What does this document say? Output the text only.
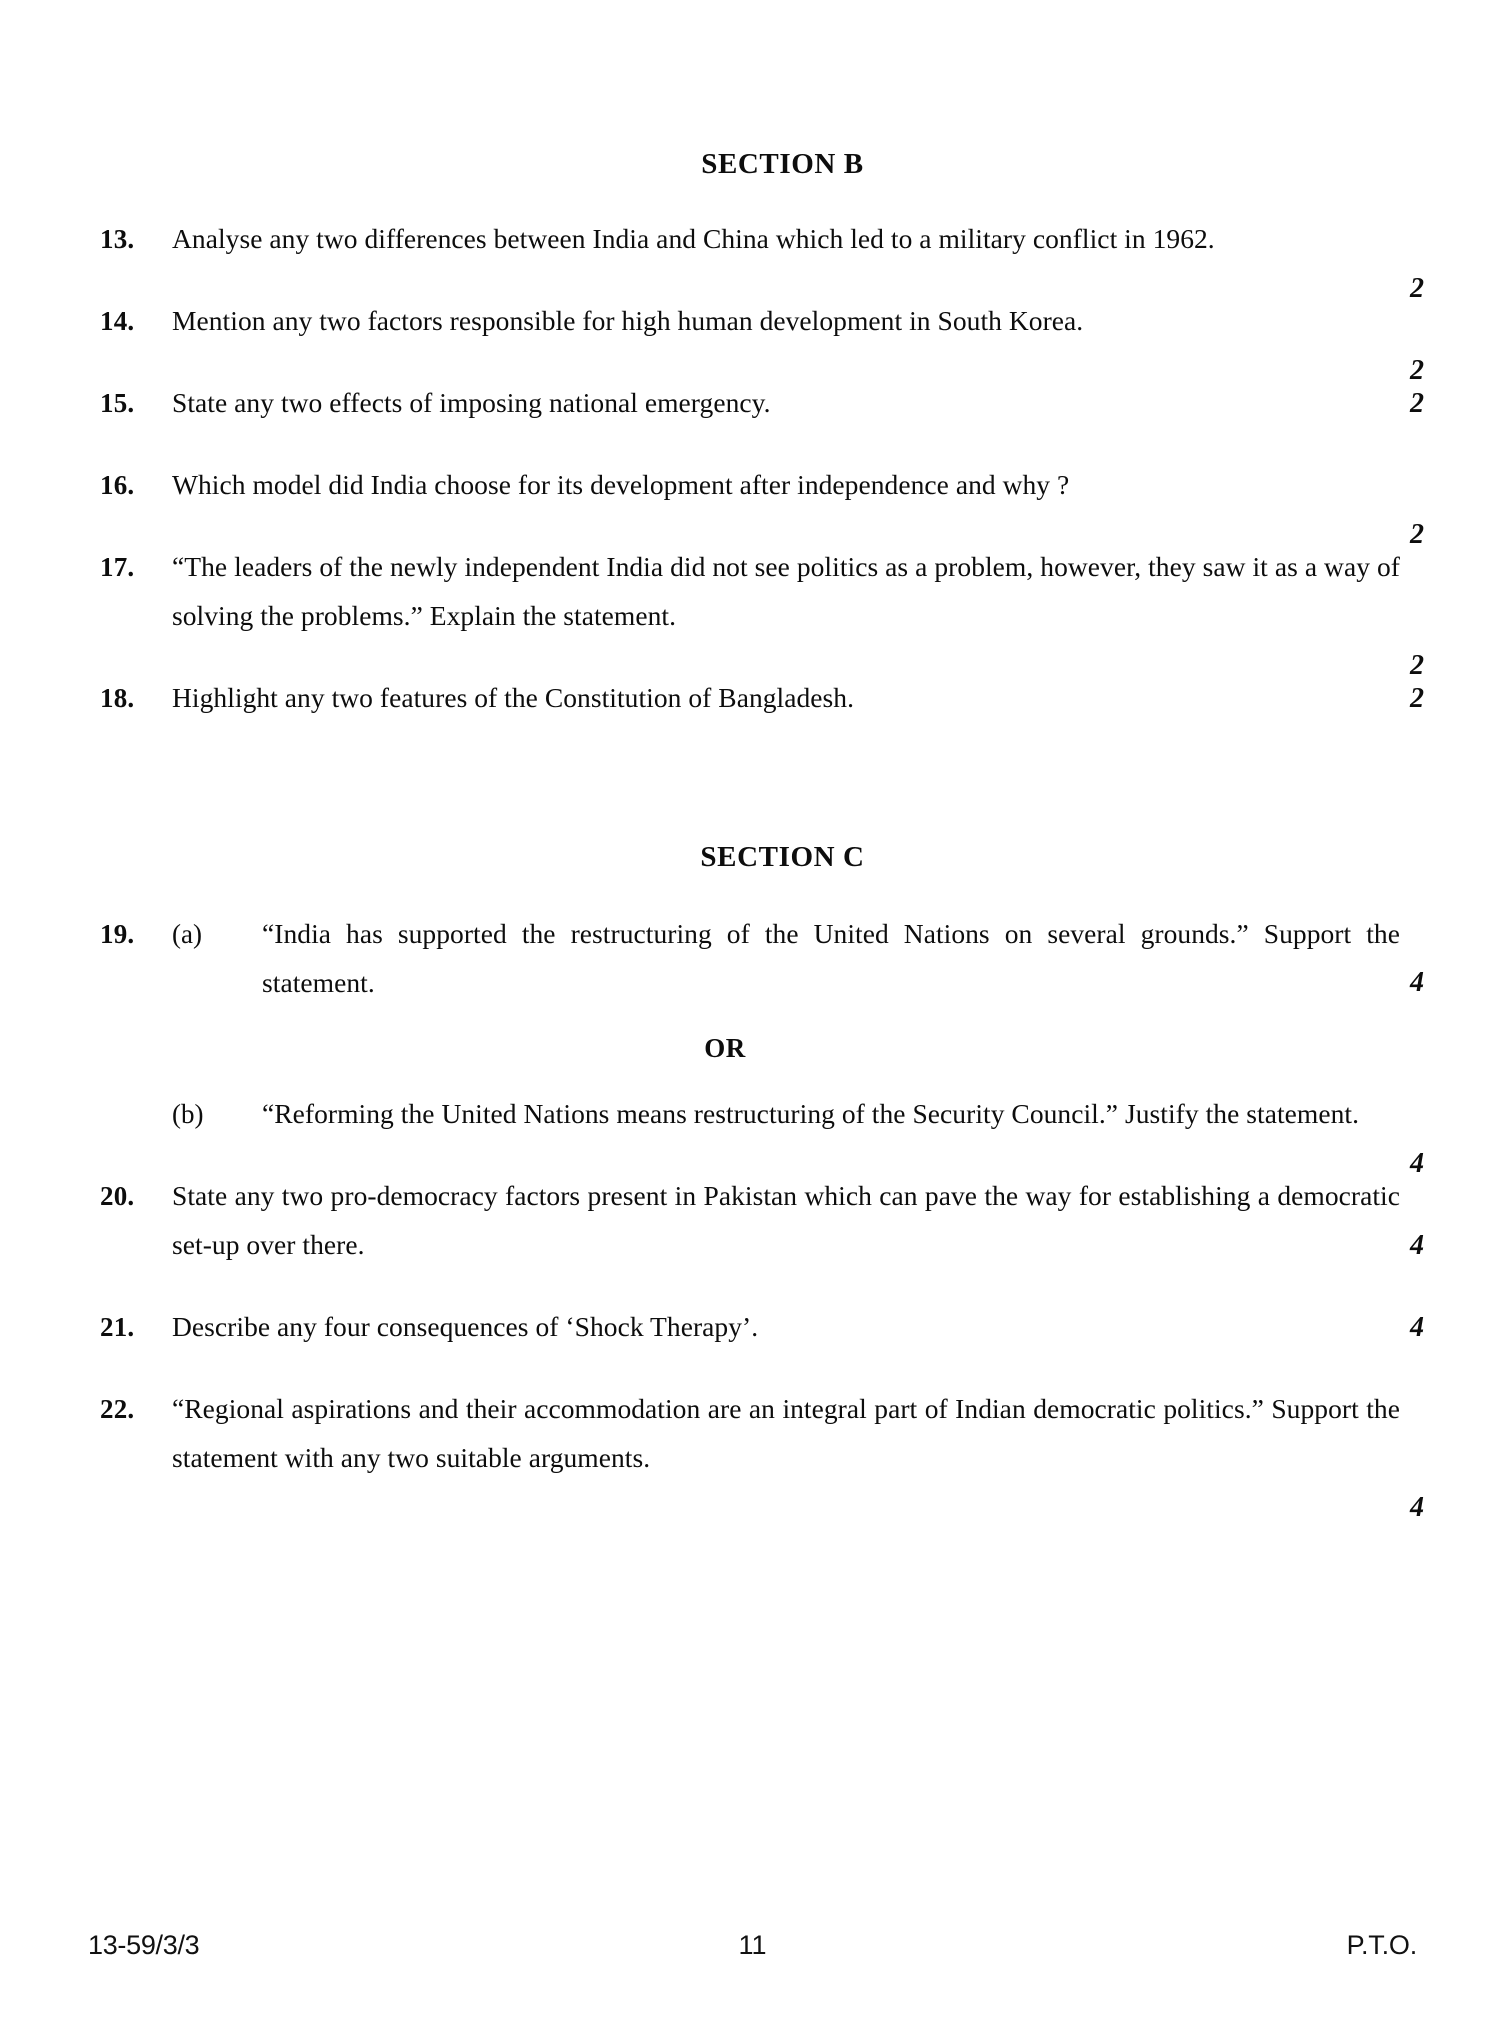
SECTION B
13.	Analyse any two differences between India and China which led to a military conflict in 1962.
2
14.	Mention any two factors responsible for high human development in South Korea.
2
15.	State any two effects of imposing national emergency.	2
16.	Which model did India choose for its development after independence and why ?
2
17.	“The leaders of the newly independent India did not see politics as a problem, however, they saw it as a way of solving the problems.” Explain the statement.
2
18.	Highlight any two features of the Constitution of Bangladesh.	2
SECTION C
19.	(a)	“India has supported the restructuring of the United Nations on several grounds.” Support the statement.	4
OR
(b)	“Reforming the United Nations means restructuring of the Security Council.” Justify the statement.
4
20.	State any two pro-democracy factors present in Pakistan which can pave the way for establishing a democratic set-up over there.	4
21.	Describe any four consequences of ‘Shock Therapy’.	4
22.	“Regional aspirations and their accommodation are an integral part of Indian democratic politics.” Support the statement with any two suitable arguments.
4
13-59/3/3	11	P.T.O.
